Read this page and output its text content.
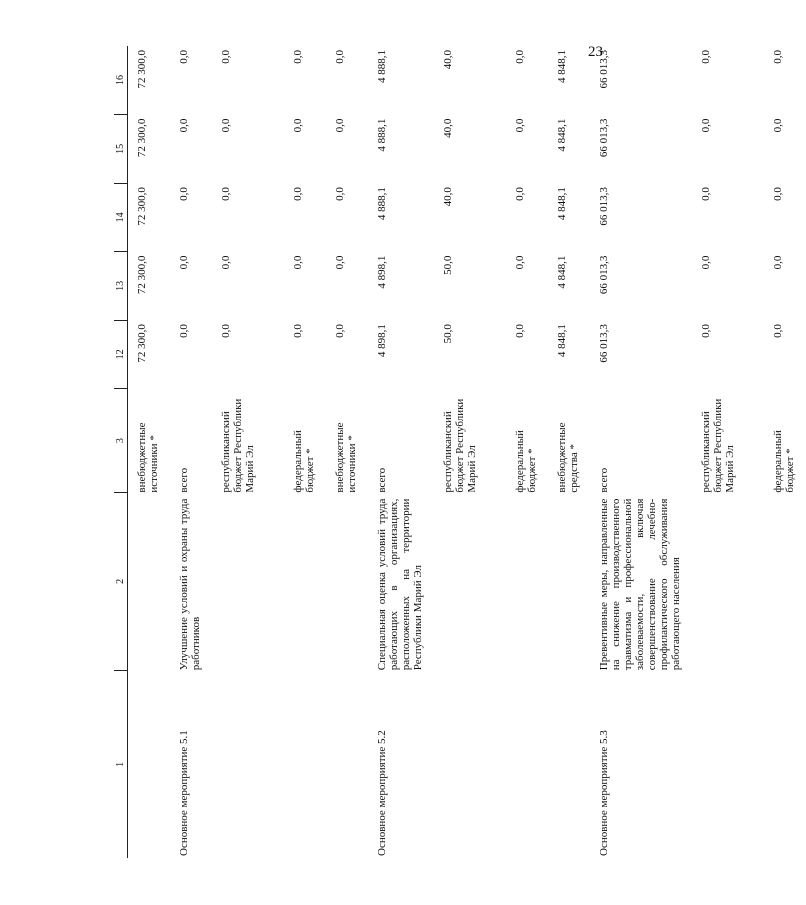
23
1	2	3	12	13	14	15	16
		внебюджетные источники *	72 300,0	72 300,0	72 300,0	72 300,0	72 300,0
Основное мероприятие 5.1	Улучшение условий и охраны труда работников	всего	0,0	0,0	0,0	0,0	0,0
		республиканский бюджет Республики Марий Эл	0,0	0,0	0,0	0,0	0,0
		федеральный бюджет *	0,0	0,0	0,0	0,0	0,0
		внебюджетные источники *	0,0	0,0	0,0	0,0	0,0
Основное мероприятие 5.2	Специальная оценка условий труда работающих в организациях, расположенных на территории Республики Марий Эл	всего	4 898,1	4 898,1	4 888,1	4 888,1	4 888,1
		республиканский бюджет Республики Марий Эл	50,0	50,0	40,0	40,0	40,0
		федеральный бюджет *	0,0	0,0	0,0	0,0	0,0
		внебюджетные средства *	4 848,1	4 848,1	4 848,1	4 848,1	4 848,1
Основное мероприятие 5.3	Превентивные меры, направленные на снижение производственного травматизма и профессиональной заболеваемости, включая совершенствование лечебно-профилактического обслуживания работающего населения	всего	66 013,3	66 013,3	66 013,3	66 013,3	66 013,3
		республиканский бюджет Республики Марий Эл	0,0	0,0	0,0	0,0	0,0
		федеральный бюджет *	0,0	0,0	0,0	0,0	0,0
